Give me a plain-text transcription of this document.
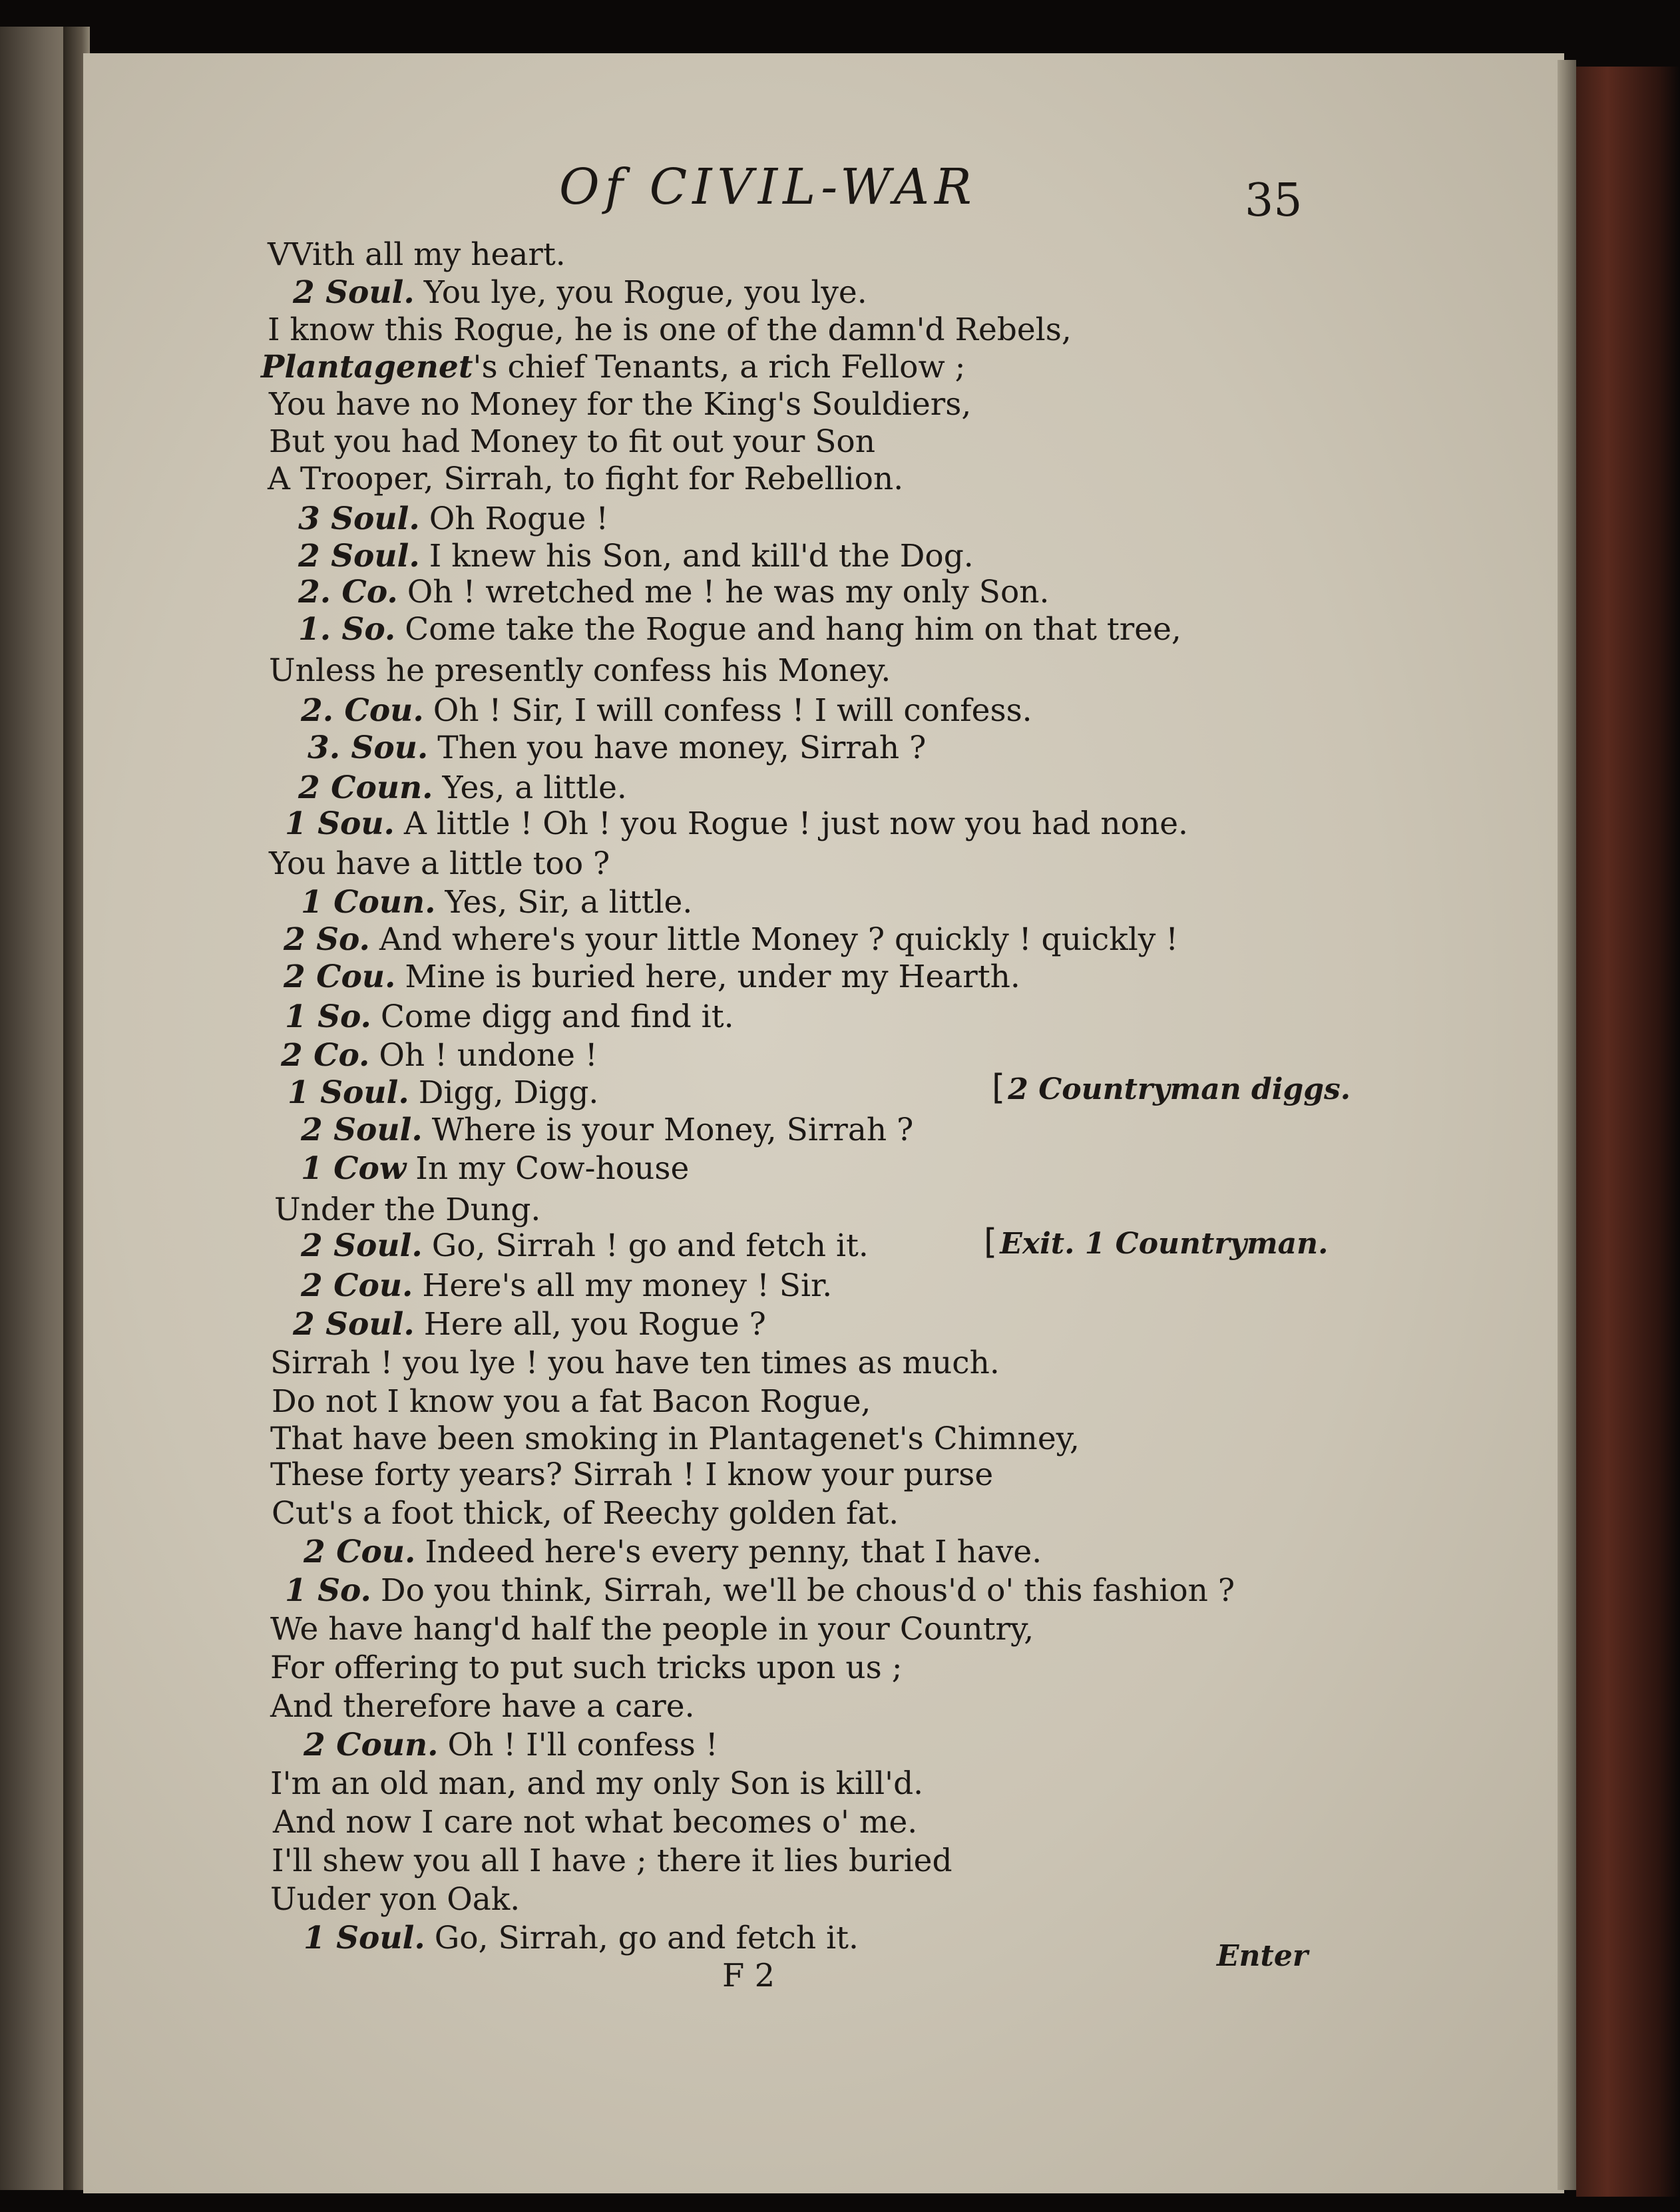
Of CIVIL-WAR	35
VVith all my heart.
2 Soul. You lye, you Rogue, you lye.
I know this Rogue, he is one of the damn'd Rebels,
Plantagenet's chief Tenants, a rich Fellow ;
You have no Money for the King's Souldiers,
But you had Money to fit out your Son
A Trooper, Sirrah, to fight for Rebellion.
3 Soul. Oh Rogue !
2 Soul. I knew his Son, and kill'd the Dog.
2. Co. Oh ! wretched me ! he was my only Son.
1. So. Come take the Rogue and hang him on that tree,
Unless he presently confess his Money.
2. Cou. Oh ! Sir, I will confess ! I will confess.
3. Sou. Then you have money, Sirrah ?
2 Coun. Yes, a little.
1 Sou. A little ! Oh ! you Rogue ! just now you had none.
You have a little too ?
1 Coun. Yes, Sir, a little.
2 So. And where's your little Money ? quickly ! quickly !
2 Cou. Mine is buried here, under my Hearth.
1 So. Come digg and find it.
2 Co. Oh ! undone !
1 Soul. Digg, Digg.
2 Soul. Where is your Money, Sirrah ?
1 Cow In my Cow-house
Under the Dung.
2 Soul. Go, Sirrah ! go and fetch it.
2 Cou. Here's all my money ! Sir.
2 Soul. Here all, you Rogue ?
Sirrah ! you lye ! you have ten times as much.
Do not I know you a fat Bacon Rogue,
That have been smoking in Plantagenet's Chimney,
These forty years? Sirrah ! I know your purse
Cut's a foot thick, of Reechy golden fat.
2 Cou. Indeed here's every penny, that I have.
1 So. Do you think, Sirrah, we'll be chous'd o' this fashion ?
We have hang'd half the people in your Country,
For offering to put such tricks upon us ;
And therefore have a care.
2 Coun. Oh ! I'll confess !
I'm an old man, and my only Son is kill'd.
And now I care not what becomes o' me.
I'll shew you all I have ; there it lies buried
Uuder yon Oak.
1 Soul. Go, Sirrah, go and fetch it.
[2 Countryman diggs.
[Exit. 1 Countryman.
F 2
Enter
